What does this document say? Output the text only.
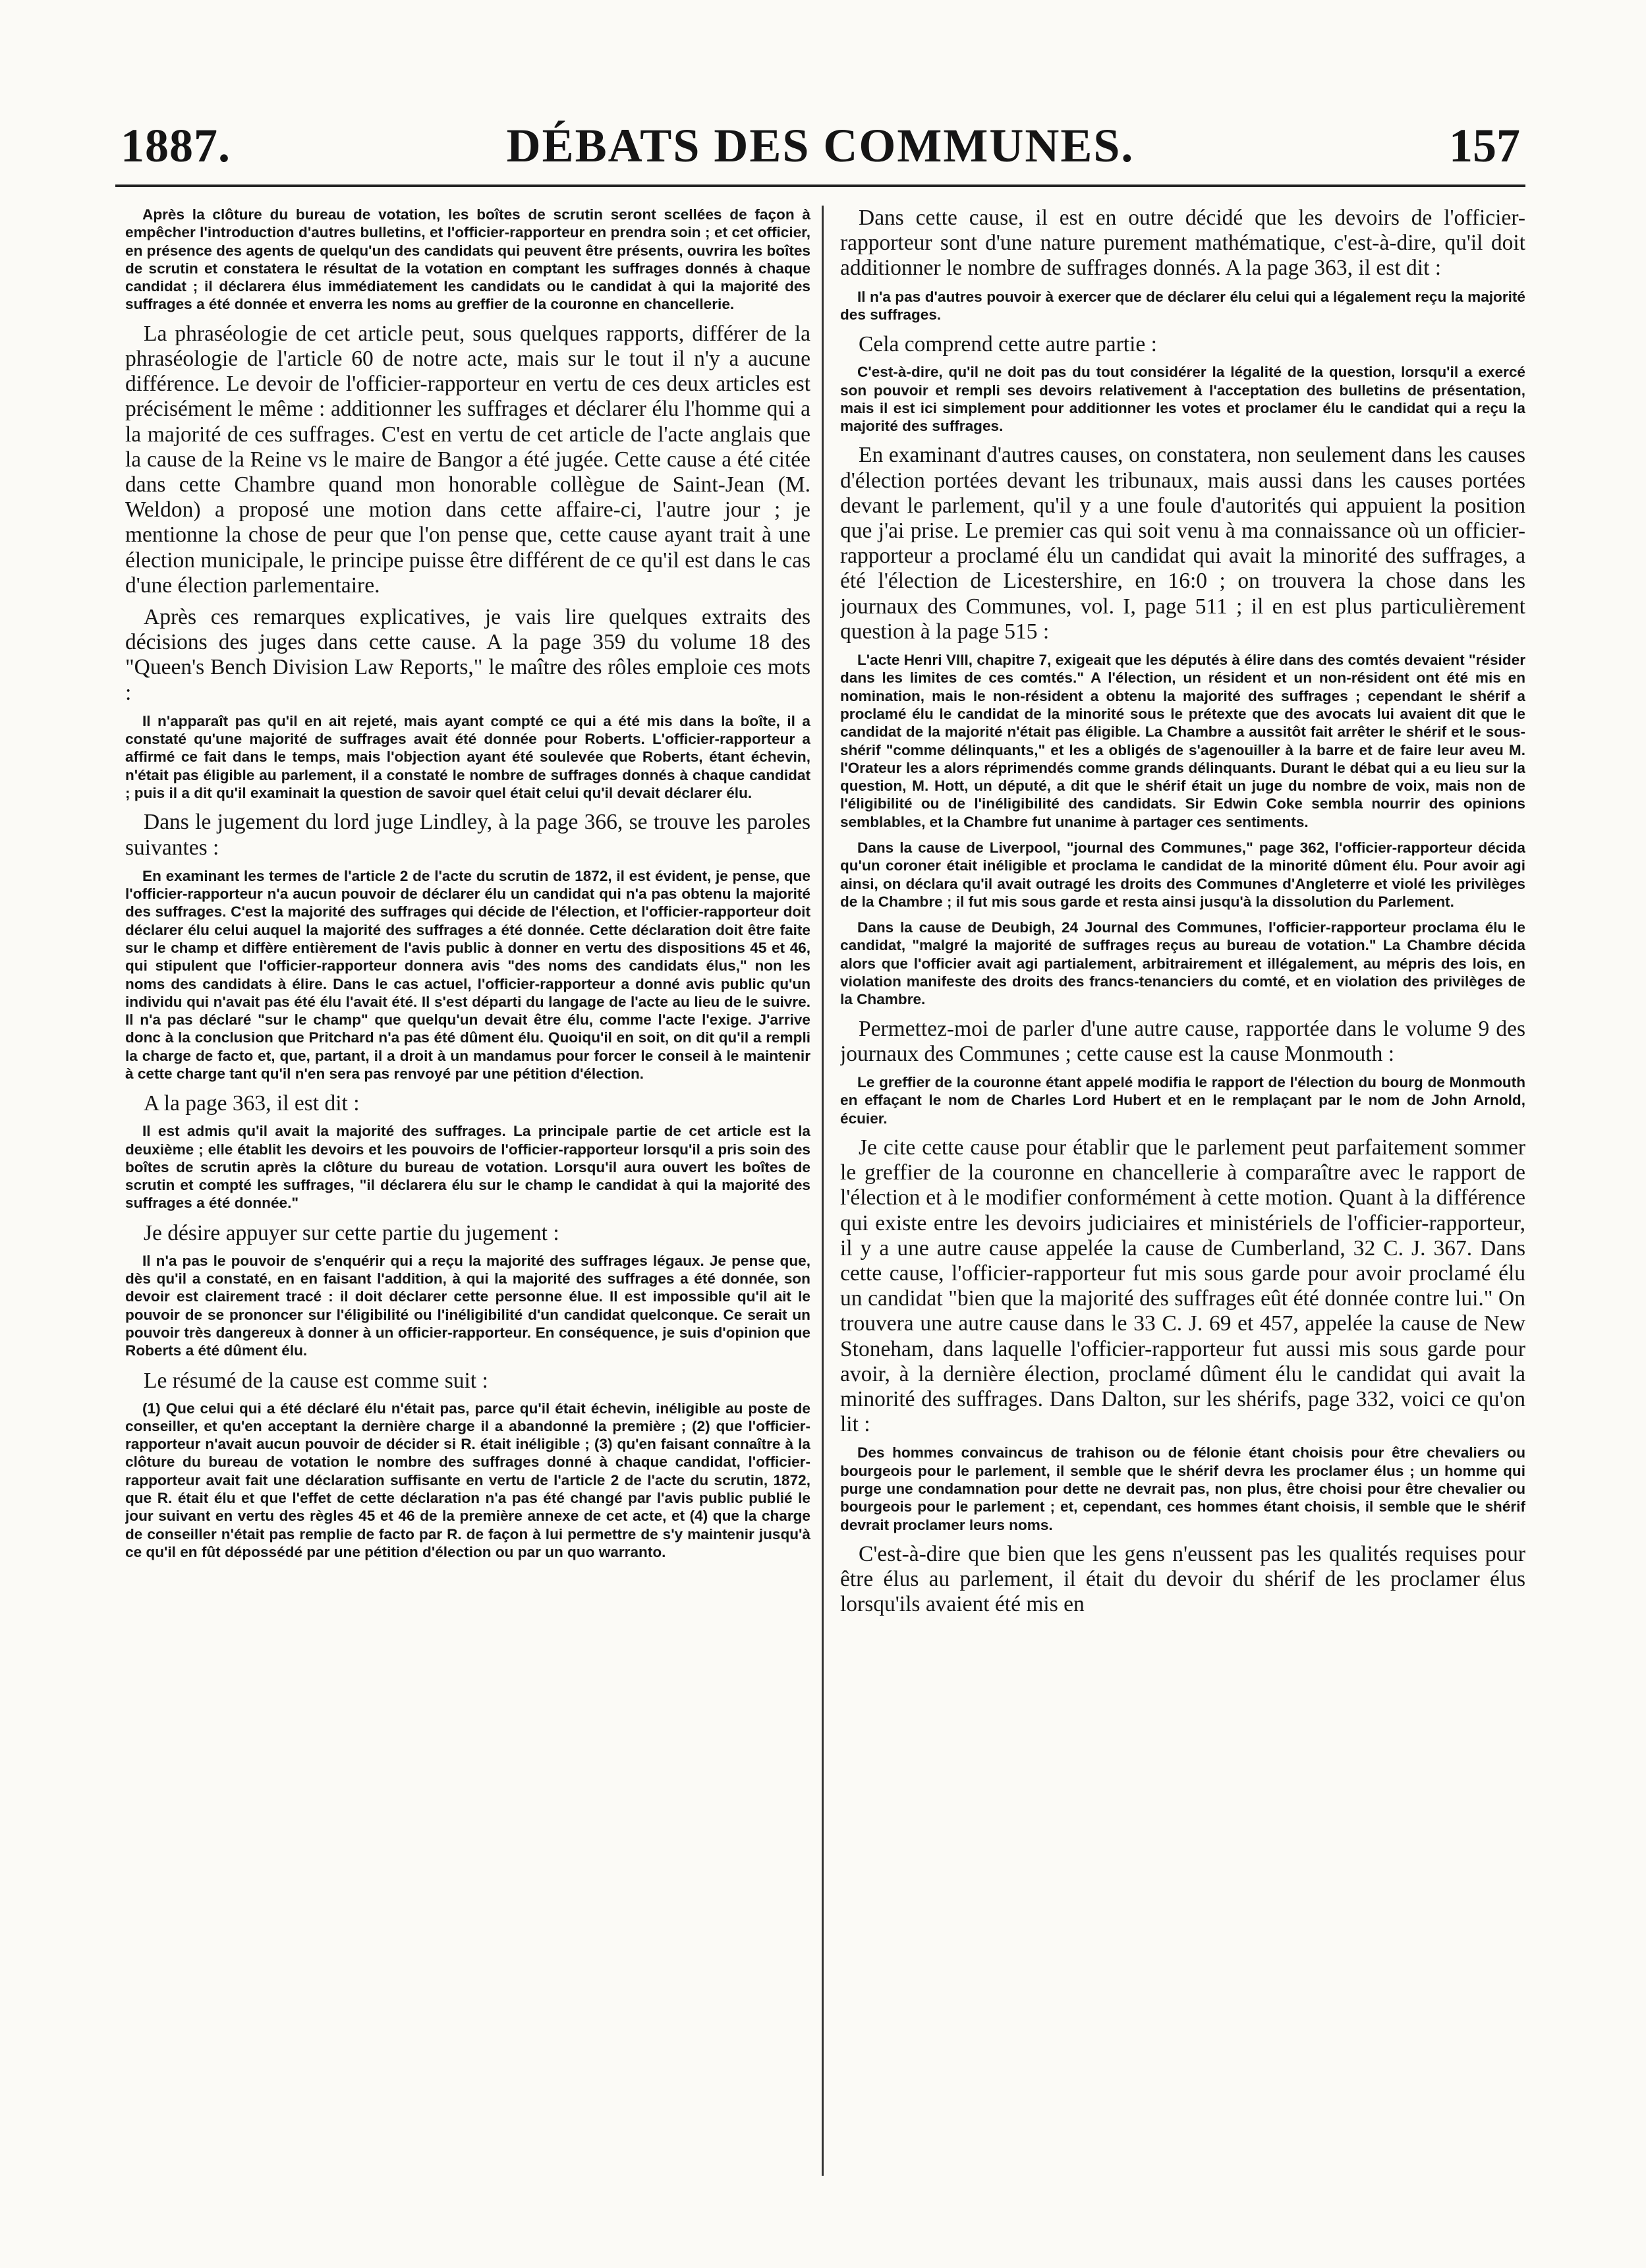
1887.	DÉBATS DES COMMUNES.	157

Après la clôture du bureau de votation, les boîtes de scrutin seront scellées de façon à empêcher l'introduction d'autres bulletins, et l'officier-rapporteur en prendra soin ; et cet officier, en présence des agents de quelqu'un des candidats qui peuvent être présents, ouvrira les boîtes de scrutin et constatera le résultat de la votation en comptant les suffrages donnés à chaque candidat ; il déclarera élus immédiatement les candidats ou le candidat à qui la majorité des suffrages a été donnée et enverra les noms au greffier de la couronne en chancellerie.

La phraséologie de cet article peut, sous quelques rapports, différer de la phraséologie de l'article 60 de notre acte, mais sur le tout il n'y a aucune différence. Le devoir de l'officier-rapporteur en vertu de ces deux articles est précisément le même : additionner les suffrages et déclarer élu l'homme qui a la majorité de ces suffrages. C'est en vertu de cet article de l'acte anglais que la cause de la Reine vs le maire de Bangor a été jugée. Cette cause a été citée dans cette Chambre quand mon honorable collègue de Saint-Jean (M. Weldon) a proposé une motion dans cette affaire-ci, l'autre jour ; je mentionne la chose de peur que l'on pense que, cette cause ayant trait à une élection municipale, le principe puisse être différent de ce qu'il est dans le cas d'une élection parlementaire.

Après ces remarques explicatives, je vais lire quelques extraits des décisions des juges dans cette cause. A la page 359 du volume 18 des "Queen's Bench Division Law Reports," le maître des rôles emploie ces mots :

Il n'apparaît pas qu'il en ait rejeté, mais ayant compté ce qui a été mis dans la boîte, il a constaté qu'une majorité de suffrages avait été donnée pour Roberts. L'officier-rapporteur a affirmé ce fait dans le temps, mais l'objection ayant été soulevée que Roberts, étant échevin, n'était pas éligible au parlement, il a constaté le nombre de suffrages donnés à chaque candidat ; puis il a dit qu'il examinait la question de savoir quel était celui qu'il devait déclarer élu.

Dans le jugement du lord juge Lindley, à la page 366, se trouve les paroles suivantes :

En examinant les termes de l'article 2 de l'acte du scrutin de 1872, il est évident, je pense, que l'officier-rapporteur n'a aucun pouvoir de déclarer élu un candidat qui n'a pas obtenu la majorité des suffrages. C'est la majorité des suffrages qui décide de l'élection, et l'officier-rapporteur doit déclarer élu celui auquel la majorité des suffrages a été donnée. Cette déclaration doit être faite sur le champ et diffère entièrement de l'avis public à donner en vertu des dispositions 45 et 46, qui stipulent que l'officier-rapporteur donnera avis "des noms des candidats élus," non les noms des candidats à élire. Dans le cas actuel, l'officier-rapporteur a donné avis public qu'un individu qui n'avait pas été élu l'avait été. Il s'est départi du langage de l'acte au lieu de le suivre. Il n'a pas déclaré "sur le champ" que quelqu'un devait être élu, comme l'acte l'exige. J'arrive donc à la conclusion que Pritchard n'a pas été dûment élu. Quoiqu'il en soit, on dit qu'il a rempli la charge de facto et, que, partant, il a droit à un mandamus pour forcer le conseil à le maintenir à cette charge tant qu'il n'en sera pas renvoyé par une pétition d'élection.

A la page 363, il est dit :

Il est admis qu'il avait la majorité des suffrages. La principale partie de cet article est la deuxième ; elle établit les devoirs et les pouvoirs de l'officier-rapporteur lorsqu'il a pris soin des boîtes de scrutin après la clôture du bureau de votation. Lorsqu'il aura ouvert les boîtes de scrutin et compté les suffrages, "il déclarera élu sur le champ le candidat à qui la majorité des suffrages a été donnée."

Je désire appuyer sur cette partie du jugement :

Il n'a pas le pouvoir de s'enquérir qui a reçu la majorité des suffrages légaux. Je pense que, dès qu'il a constaté, en en faisant l'addition, à qui la majorité des suffrages a été donnée, son devoir est clairement tracé : il doit déclarer cette personne élue. Il est impossible qu'il ait le pouvoir de se prononcer sur l'éligibilité ou l'inéligibilité d'un candidat quelconque. Ce serait un pouvoir très dangereux à donner à un officier-rapporteur. En conséquence, je suis d'opinion que Roberts a été dûment élu.

Le résumé de la cause est comme suit :

(1) Que celui qui a été déclaré élu n'était pas, parce qu'il était échevin, inéligible au poste de conseiller, et qu'en acceptant la dernière charge il a abandonné la première ; (2) que l'officier-rapporteur n'avait aucun pouvoir de décider si R. était inéligible ; (3) qu'en faisant connaître à la clôture du bureau de votation le nombre des suffrages donné à chaque candidat, l'officier-rapporteur avait fait une déclaration suffisante en vertu de l'article 2 de l'acte du scrutin, 1872, que R. était élu et que l'effet de cette déclaration n'a pas été changé par l'avis public publié le jour suivant en vertu des règles 45 et 46 de la première annexe de cet acte, et (4) que la charge de conseiller n'était pas remplie de facto par R. de façon à lui permettre de s'y maintenir jusqu'à ce qu'il en fût dépossédé par une pétition d'élection ou par un quo warranto.

Dans cette cause, il est en outre décidé que les devoirs de l'officier-rapporteur sont d'une nature purement mathématique, c'est-à-dire, qu'il doit additionner le nombre de suffrages donnés. A la page 363, il est dit :

Il n'a pas d'autres pouvoir à exercer que de déclarer élu celui qui a légalement reçu la majorité des suffrages.

Cela comprend cette autre partie :

C'est-à-dire, qu'il ne doit pas du tout considérer la légalité de la question, lorsqu'il a exercé son pouvoir et rempli ses devoirs relativement à l'acceptation des bulletins de présentation, mais il est ici simplement pour additionner les votes et proclamer élu le candidat qui a reçu la majorité des suffrages.

En examinant d'autres causes, on constatera, non seulement dans les causes d'élection portées devant les tribunaux, mais aussi dans les causes portées devant le parlement, qu'il y a une foule d'autorités qui appuient la position que j'ai prise. Le premier cas qui soit venu à ma connaissance où un officier-rapporteur a proclamé élu un candidat qui avait la minorité des suffrages, a été l'élection de Licestershire, en 16:0 ; on trouvera la chose dans les journaux des Communes, vol. I, page 511 ; il en est plus particulièrement question à la page 515 :

L'acte Henri VIII, chapitre 7, exigeait que les députés à élire dans des comtés devaient "résider dans les limites de ces comtés." A l'élection, un résident et un non-résident ont été mis en nomination, mais le non-résident a obtenu la majorité des suffrages ; cependant le shérif a proclamé élu le candidat de la minorité sous le prétexte que des avocats lui avaient dit que le candidat de la majorité n'était pas éligible. La Chambre a aussitôt fait arrêter le shérif et le sous-shérif "comme délinquants," et les a obligés de s'agenouiller à la barre et de faire leur aveu M. l'Orateur les a alors réprimendés comme grands délinquants. Durant le débat qui a eu lieu sur la question, M. Hott, un député, a dit que le shérif était un juge du nombre de voix, mais non de l'éligibilité ou de l'inéligibilité des candidats. Sir Edwin Coke sembla nourrir des opinions semblables, et la Chambre fut unanime à partager ces sentiments.

Dans la cause de Liverpool, "journal des Communes," page 362, l'officier-rapporteur décida qu'un coroner était inéligible et proclama le candidat de la minorité dûment élu. Pour avoir agi ainsi, on déclara qu'il avait outragé les droits des Communes d'Angleterre et violé les privilèges de la Chambre ; il fut mis sous garde et resta ainsi jusqu'à la dissolution du Parlement.

Dans la cause de Deubigh, 24 Journal des Communes, l'officier-rapporteur proclama élu le candidat, "malgré la majorité de suffrages reçus au bureau de votation." La Chambre décida alors que l'officier avait agi partialement, arbitrairement et illégalement, au mépris des lois, en violation manifeste des droits des francs-tenanciers du comté, et en violation des privilèges de la Chambre.

Permettez-moi de parler d'une autre cause, rapportée dans le volume 9 des journaux des Communes ; cette cause est la cause Monmouth :

Le greffier de la couronne étant appelé modifia le rapport de l'élection du bourg de Monmouth en effaçant le nom de Charles Lord Hubert et en le remplaçant par le nom de John Arnold, écuier.

Je cite cette cause pour établir que le parlement peut parfaitement sommer le greffier de la couronne en chancellerie à comparaître avec le rapport de l'élection et à le modifier conformément à cette motion. Quant à la différence qui existe entre les devoirs judiciaires et ministériels de l'officier-rapporteur, il y a une autre cause appelée la cause de Cumberland, 32 C. J. 367. Dans cette cause, l'officier-rapporteur fut mis sous garde pour avoir proclamé élu un candidat "bien que la majorité des suffrages eût été donnée contre lui." On trouvera une autre cause dans le 33 C. J. 69 et 457, appelée la cause de New Stoneham, dans laquelle l'officier-rapporteur fut aussi mis sous garde pour avoir, à la dernière élection, proclamé dûment élu le candidat qui avait la minorité des suffrages. Dans Dalton, sur les shérifs, page 332, voici ce qu'on lit :

Des hommes convaincus de trahison ou de félonie étant choisis pour être chevaliers ou bourgeois pour le parlement, il semble que le shérif devra les proclamer élus ; un homme qui purge une condamnation pour dette ne devrait pas, non plus, être choisi pour être chevalier ou bourgeois pour le parlement ; et, cependant, ces hommes étant choisis, il semble que le shérif devrait proclamer leurs noms.

C'est-à-dire que bien que les gens n'eussent pas les qualités requises pour être élus au parlement, il était du devoir du shérif de les proclamer élus lorsqu'ils avaient été mis en
